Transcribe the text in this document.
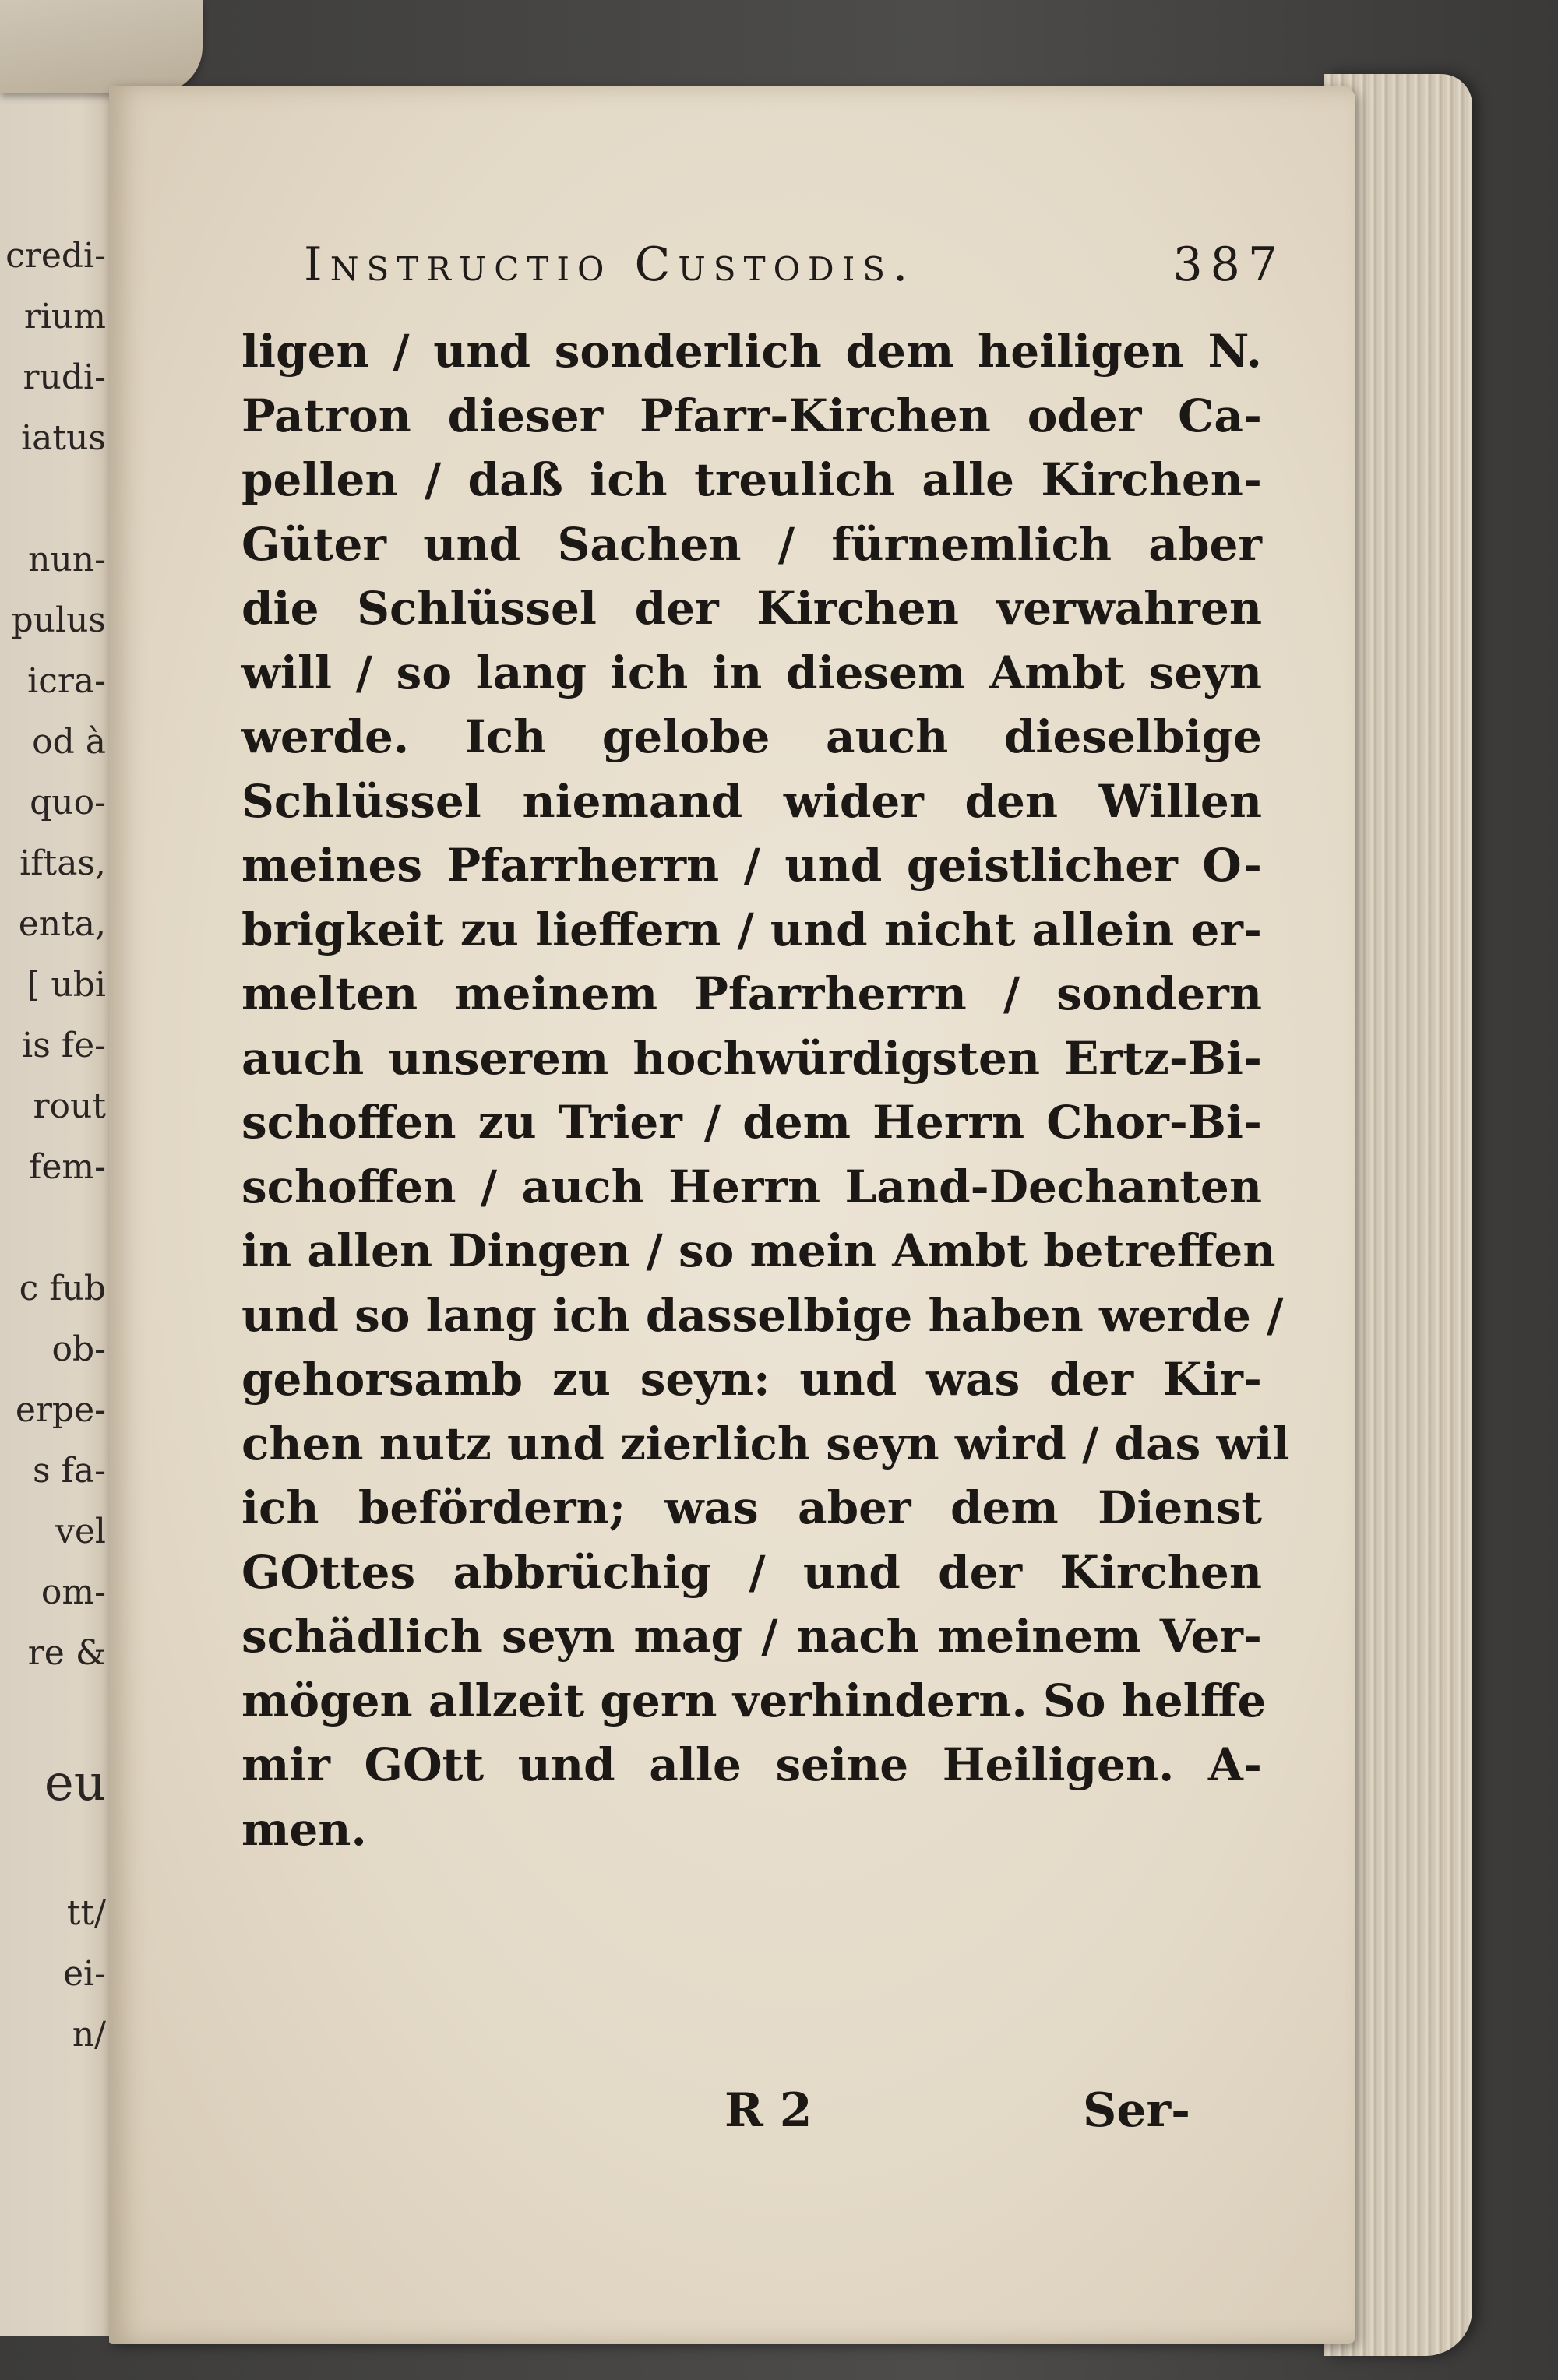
credi-
rium
rudi-
iatus
nun-
pulus
icra-
od à
quo-
iftas,
enta,
[ ubi
is fe-
rout
fem-
c fub
ob-
erpe-
s fa-
vel
om-
re &
eu
tt/
ei-
n/
Instructio Custodis.	387
ligen / und sonderlich dem heiligen N.
Patron dieser Pfarr-Kirchen oder Ca-
pellen / daß ich treulich alle Kirchen-
Güter und Sachen / fürnemlich aber
die Schlüssel der Kirchen verwahren
will / so lang ich in diesem Ambt seyn
werde. Ich gelobe auch dieselbige
Schlüssel niemand wider den Willen
meines Pfarrherrn / und geistlicher O-
brigkeit zu lieffern / und nicht allein er-
melten meinem Pfarrherrn / sondern
auch unserem hochwürdigsten Ertz-Bi-
schoffen zu Trier / dem Herrn Chor-Bi-
schoffen / auch Herrn Land-Dechanten
in allen Dingen / so mein Ambt betreffen
und so lang ich dasselbige haben werde /
gehorsamb zu seyn: und was der Kir-
chen nutz und zierlich seyn wird / das wil
ich befördern; was aber dem Dienst
GOttes abbrüchig / und der Kirchen
schädlich seyn mag / nach meinem Ver-
mögen allzeit gern verhindern. So helffe
mir GOtt und alle seine Heiligen. A-
men.
R 2	Ser-
